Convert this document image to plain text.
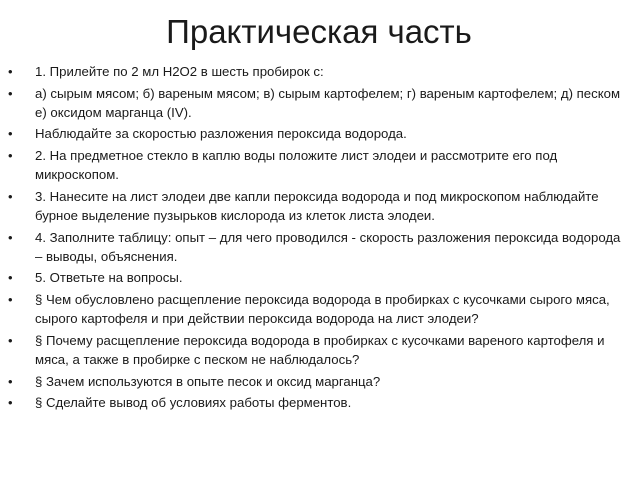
Практическая часть
• 1. Прилейте по 2 мл Н2О2 в шесть пробирок с:
• а) сырым мясом; б) вареным мясом; в) сырым картофелем; г) вареным картофелем; д) песком е) оксидом марганца (IV).
• Наблюдайте за скоростью разложения пероксида водорода.
• 2. На предметное стекло в каплю воды положите лист элодеи и рассмотрите его под микроскопом.
• 3. Нанесите на лист элодеи две капли пероксида водорода и под микроскопом наблюдайте бурное выделение пузырьков кислорода из клеток листа элодеи.
• 4. Заполните таблицу: опыт – для чего проводился - скорость разложения пероксида водорода – выводы, объяснения.
• 5. Ответьте на вопросы.
• § Чем обусловлено расщепление пероксида водорода в пробирках с кусочками сырого мяса, сырого картофеля и при действии пероксида водорода на лист элодеи?
• § Почему расщепление пероксида водорода в пробирках с кусочками вареного картофеля и мяса, а также в пробирке с песком не наблюдалось?
• § Зачем используются в опыте песок и оксид марганца?
• § Сделайте вывод об условиях работы ферментов.
